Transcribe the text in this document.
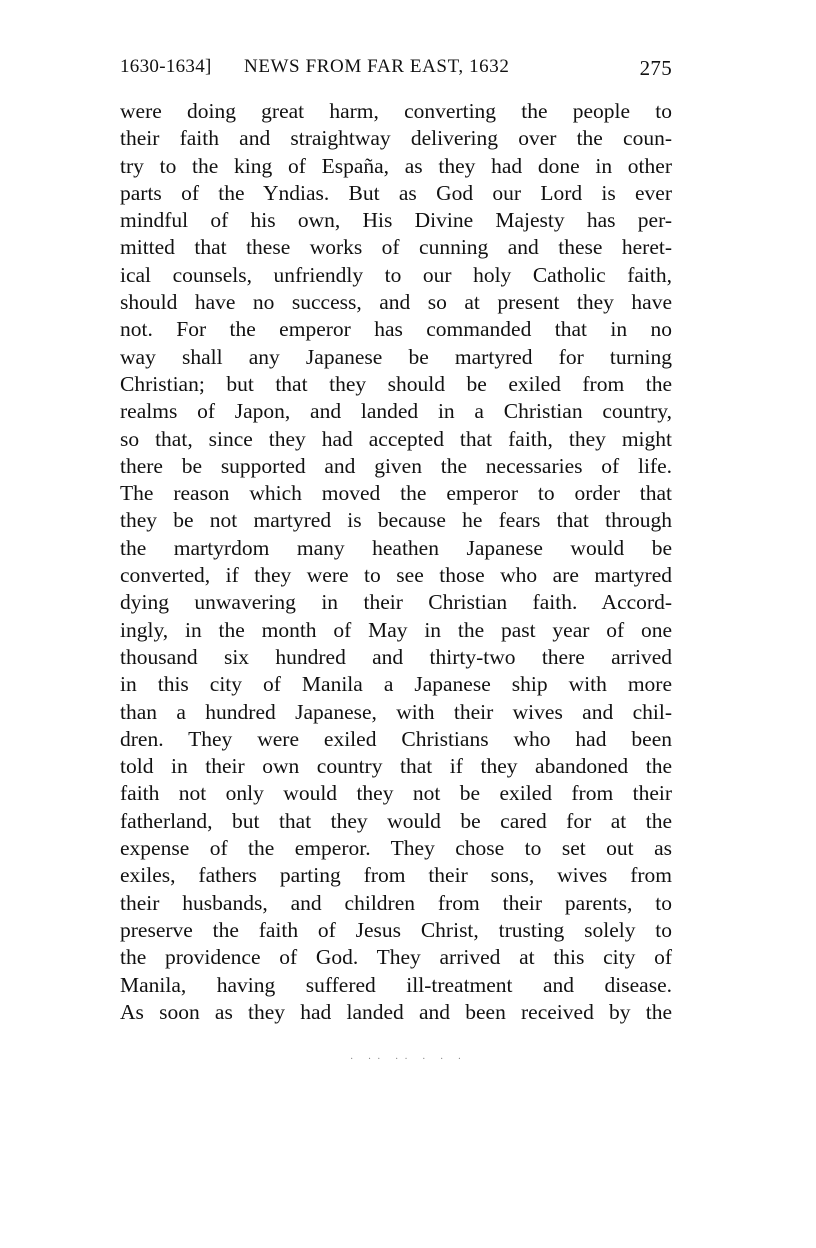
1630-1634] NEWS FROM FAR EAST, 1632	275
were doing great harm, converting the people to
their faith and straightway delivering over the coun-
try to the king of España, as they had done in other
parts of the Yndias. But as God our Lord is ever
mindful of his own, His Divine Majesty has per-
mitted that these works of cunning and these heret-
ical counsels, unfriendly to our holy Catholic faith,
should have no success, and so at present they have
not. For the emperor has commanded that in no
way shall any Japanese be martyred for turning
Christian; but that they should be exiled from the
realms of Japon, and landed in a Christian country,
so that, since they had accepted that faith, they might
there be supported and given the necessaries of life.
The reason which moved the emperor to order that
they be not martyred is because he fears that through
the martyrdom many heathen Japanese would be
converted, if they were to see those who are martyred
dying unwavering in their Christian faith. Accord-
ingly, in the month of May in the past year of one
thousand six hundred and thirty-two there arrived
in this city of Manila a Japanese ship with more
than a hundred Japanese, with their wives and chil-
dren. They were exiled Christians who had been
told in their own country that if they abandoned the
faith not only would they not be exiled from their
fatherland, but that they would be cared for at the
expense of the emperor. They chose to set out as
exiles, fathers parting from their sons, wives from
their husbands, and children from their parents, to
preserve the faith of Jesus Christ, trusting solely to
the providence of God. They arrived at this city of
Manila, having suffered ill-treatment and disease.
As soon as they had landed and been received by the
· ·· ·· · · ·
